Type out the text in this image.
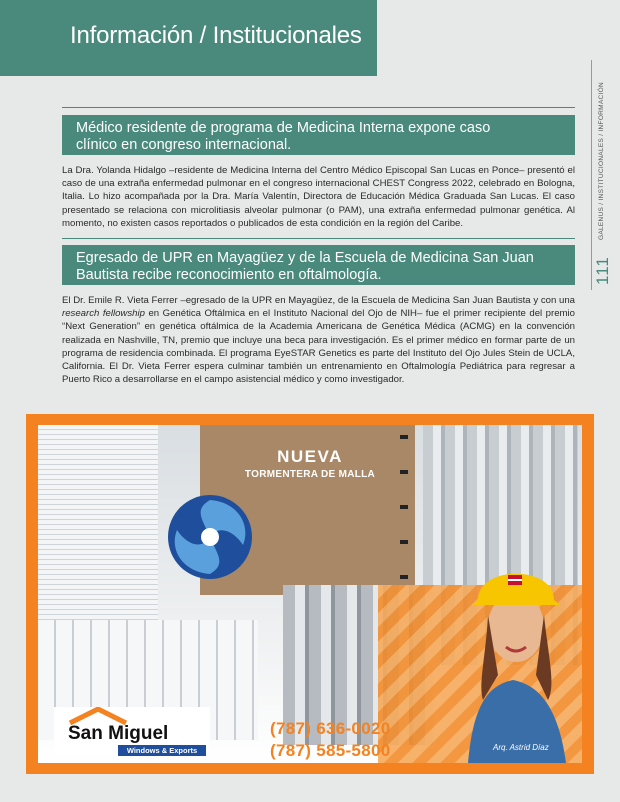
Información / Institucionales
GALENUS / INSTITUCIONALES / INFORMACIÓN
111
Médico residente de programa de Medicina Interna expone caso
clínico en congreso internacional.
La Dra. Yolanda Hidalgo –residente de Medicina Interna del Centro Médico Episcopal San Lucas en Ponce– presentó el caso de una extraña enfermedad pulmonar en el congreso internacional CHEST Congress 2022, celebrado en Bologna, Italia. Lo hizo acompañada por la Dra. María Valentín, Directora de Educación Médica Graduada San Lucas. El caso presentado se relaciona con microlitiasis alveolar pulmonar (o PAM), una extraña enfermedad pulmonar genética. Al momento, no existen casos reportados o publicados de esta condición en la región del Caribe.
Egresado de UPR en Mayagüez y de la Escuela de Medicina San Juan
Bautista recibe reconocimiento en oftalmología.
El Dr. Emile R. Vieta Ferrer –egresado de la UPR en Mayagüez, de la Escuela de Medicina San Juan Bautista y con una research fellowship en Genética Oftálmica en el Instituto Nacional del Ojo de NIH– fue el primer recipiente del premio “Next Generation” en genética oftálmica de la Academia Americana de Genética Médica (ACMG) en la convención realizada en Nashville, TN, premio que incluye una beca para investigación. Es el primer médico en formar parte de un programa de residencia combinada. El programa EyeSTAR Genetics es parte del Instituto del Ojo Jules Stein de UCLA, California. El Dr. Vieta Ferrer espera culminar también un entrenamiento en Oftalmología Pediátrica para regresar a Puerto Rico a desarrollarse en el campo asistencial médico y como investigador.
NUEVA
TORMENTERA DE MALLA
San Miguel
Windows & Exports
(787) 636-0020
(787) 585-5800	Arq. Astrid Díaz
